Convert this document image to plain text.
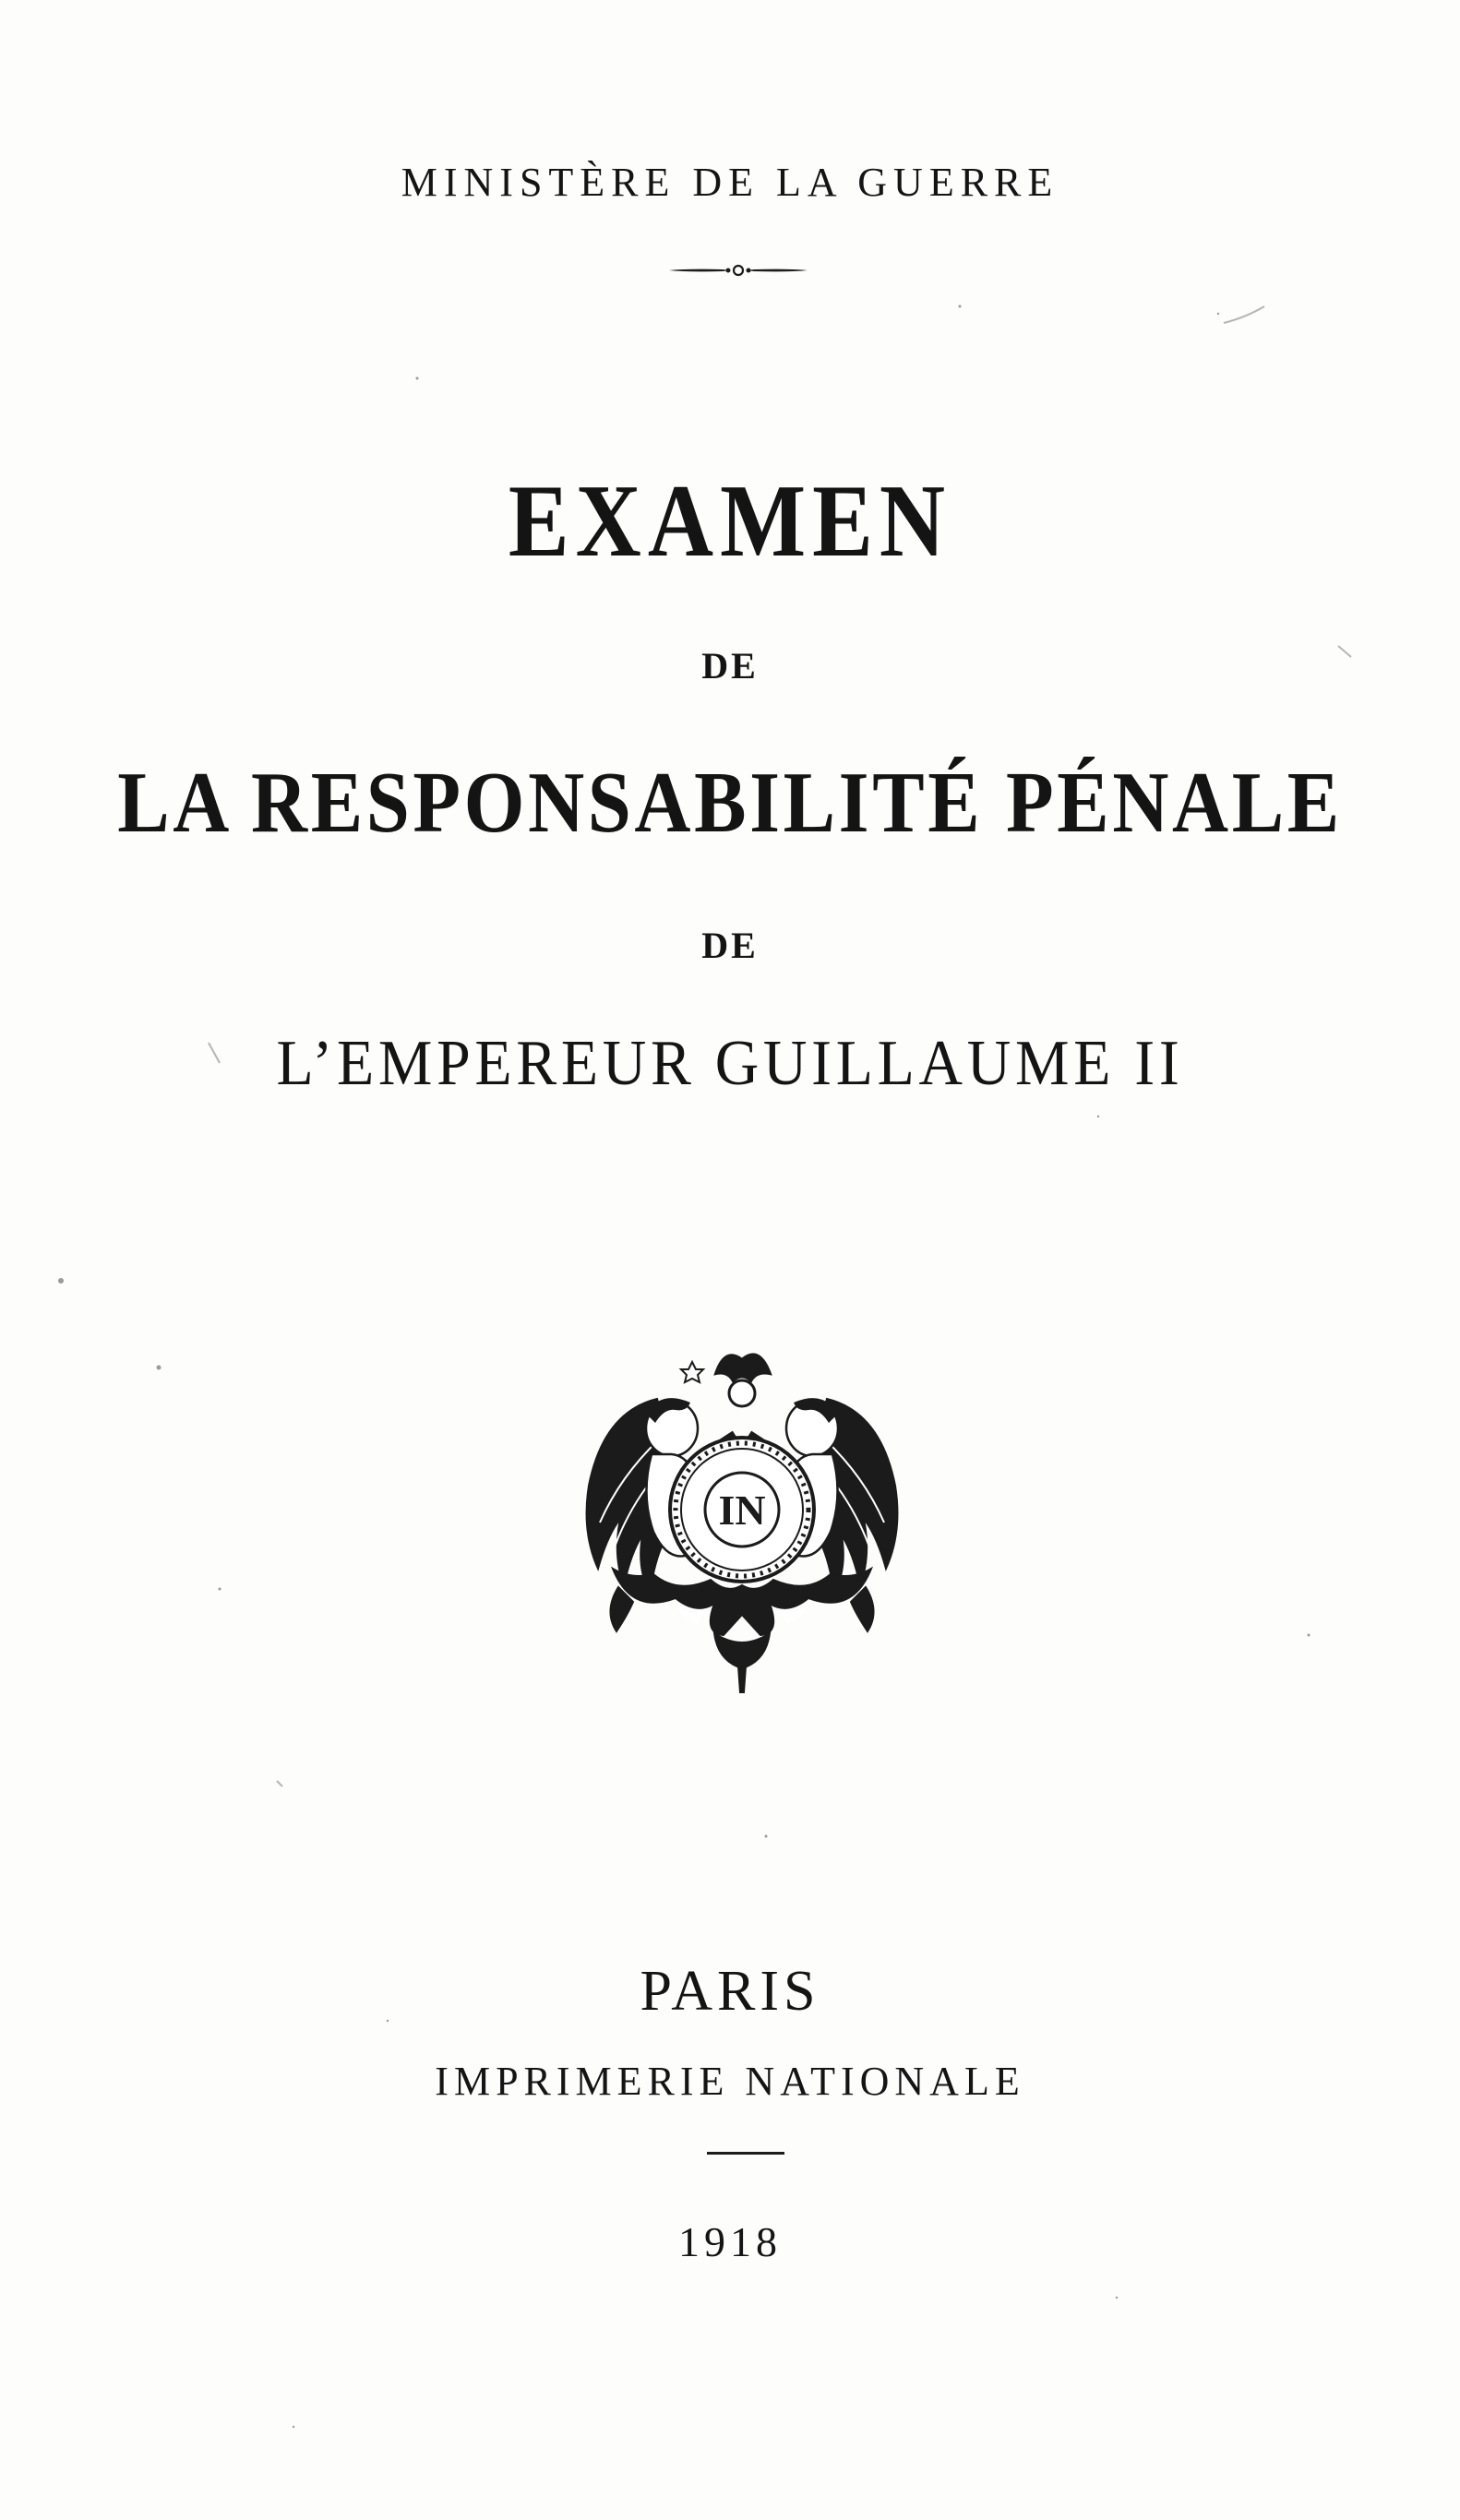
MINISTÈRE DE LA GUERRE
EXAMEN
DE
LA RESPONSABILITÉ PÉNALE
DE
L’EMPEREUR GUILLAUME II
IN
PARIS
IMPRIMERIE NATIONALE
1918
